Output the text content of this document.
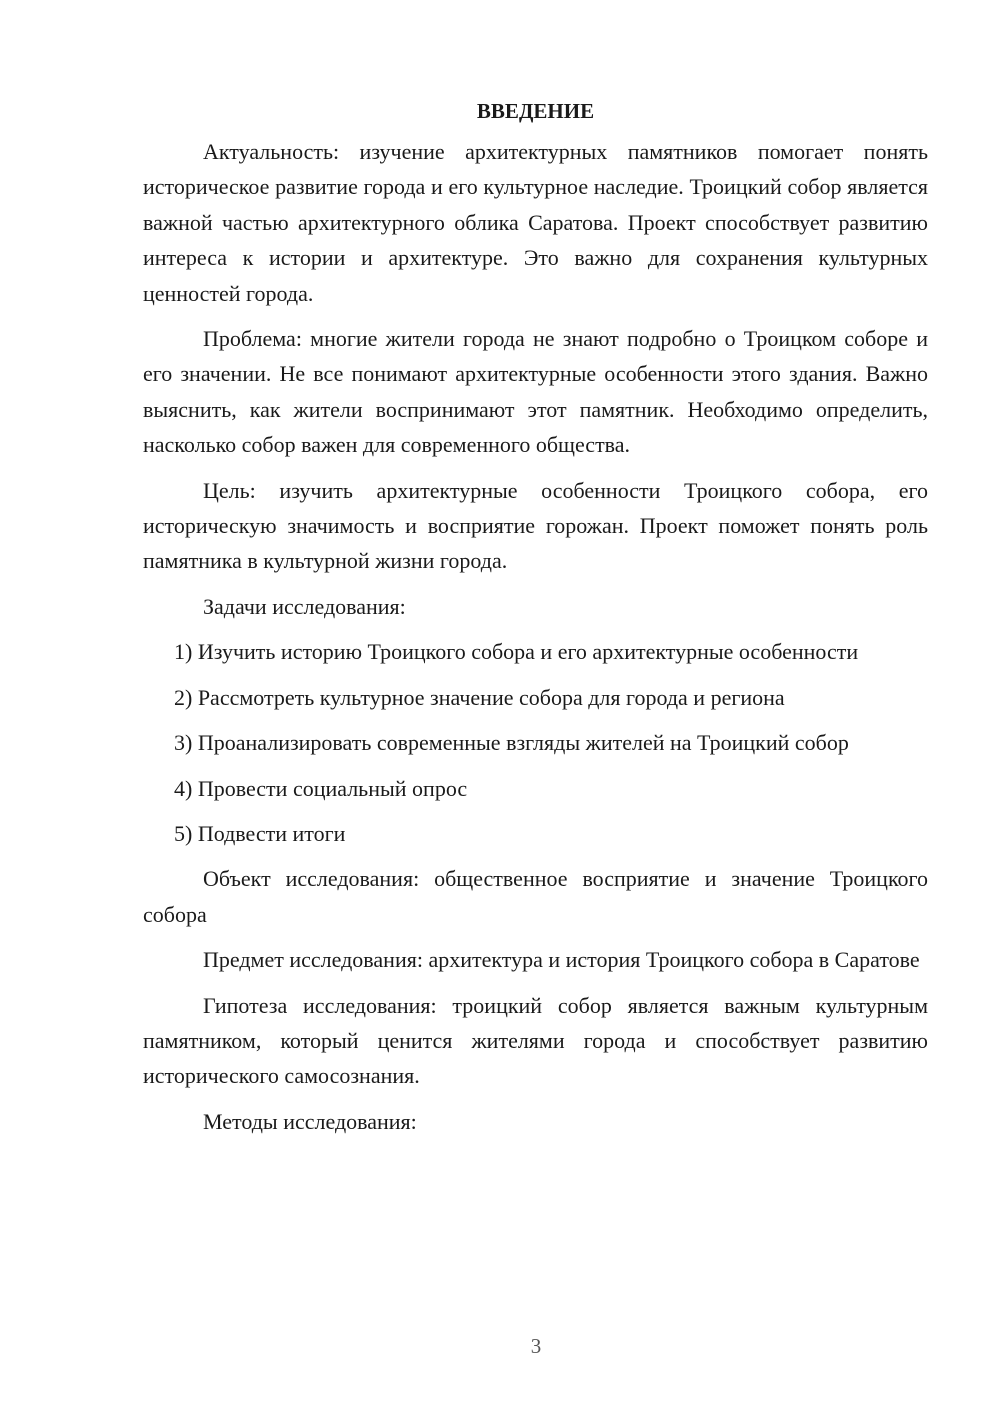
ВВЕДЕНИЕ

Актуальность: изучение архитектурных памятников помогает понять историческое развитие города и его культурное наследие. Троицкий собор является важной частью архитектурного облика Саратова. Проект способствует развитию интереса к истории и архитектуре. Это важно для сохранения культурных ценностей города.

Проблема: многие жители города не знают подробно о Троицком соборе и его значении. Не все понимают архитектурные особенности этого здания. Важно выяснить, как жители воспринимают этот памятник. Необходимо определить, насколько собор важен для современного общества.

Цель: изучить архитектурные особенности Троицкого собора, его историческую значимость и восприятие горожан. Проект поможет понять роль памятника в культурной жизни города.

Задачи исследования:

1) Изучить историю Троицкого собора и его архитектурные особенности

2) Рассмотреть культурное значение собора для города и региона

3) Проанализировать современные взгляды жителей на Троицкий собор

4) Провести социальный опрос

5) Подвести итоги

Объект исследования: общественное восприятие и значение Троицкого собора

Предмет исследования: архитектура и история Троицкого собора в Саратове

Гипотеза исследования: троицкий собор является важным культурным памятником, который ценится жителями города и способствует развитию исторического самосознания.

Методы исследования:

3
